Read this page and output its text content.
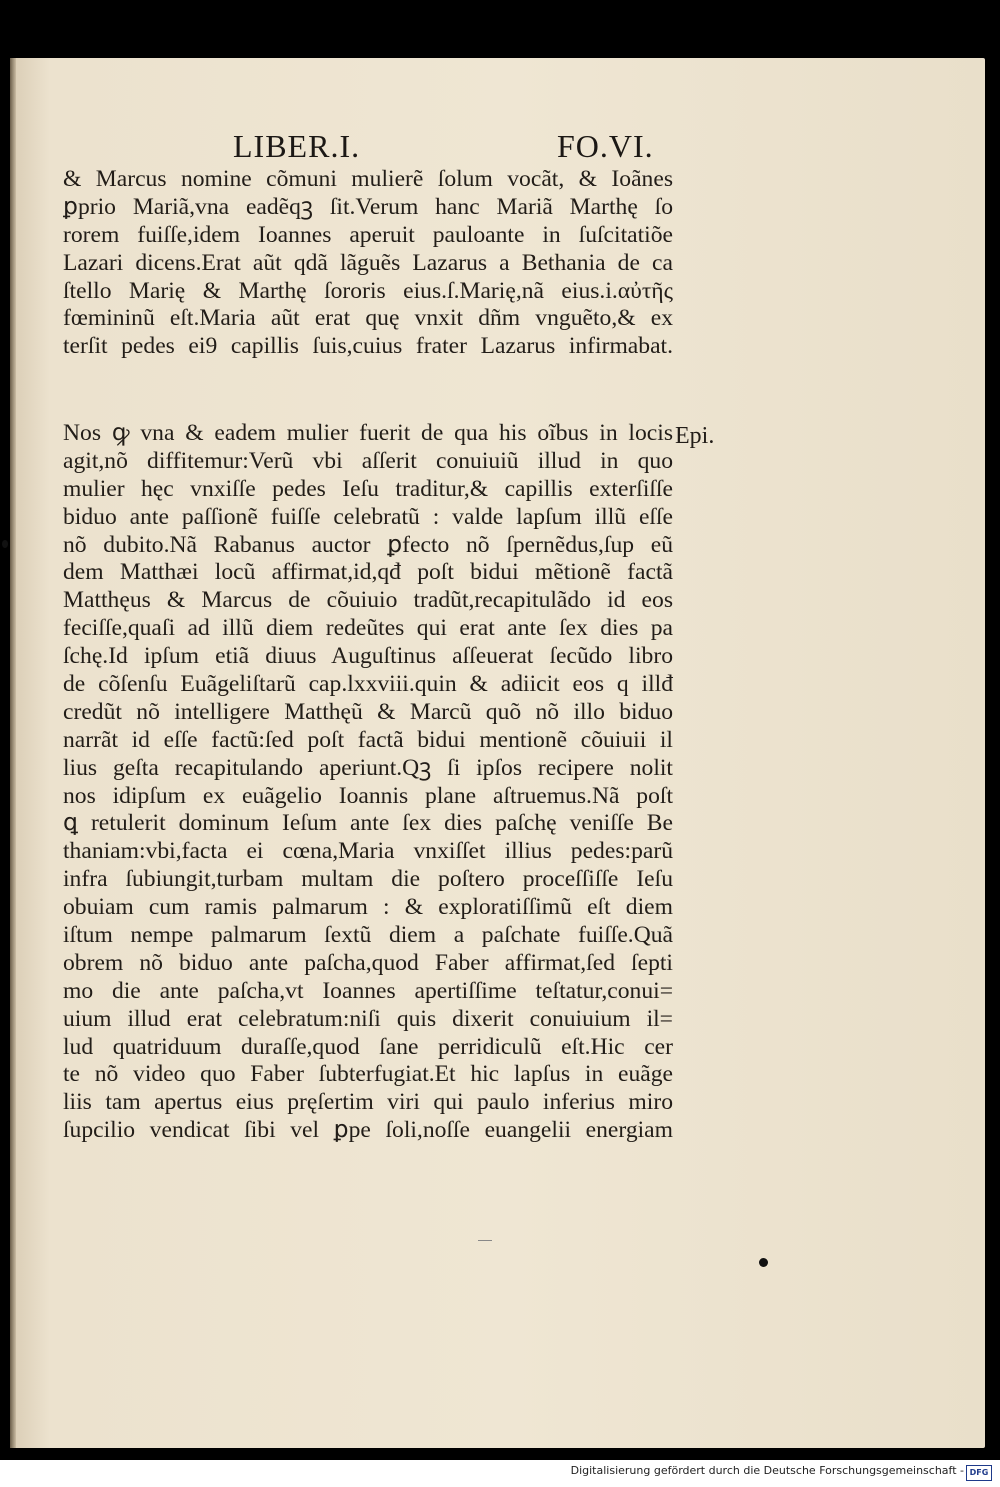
LIBER.I.	FO.VI.
& Marcus nomine cõmuni mulierẽ ſolum vocãt, & Ioãnes
ꝑprio Mariã,vna eadẽqꝫ ſit.Verum hanc Mariã Marthę ſo
rorem fuiſſe,idem Ioannes aperuit pauloante in ſuſcitatiõe
Lazari dicens.Erat aũt qdã lãguẽs Lazarus a Bethania de ca
ſtello Marię & Marthę ſororis eius.ſ.Marię,nã eius.i.αὐτῆς
fœmininũ eſt.Maria aũt erat quę vnxit dñm vnguẽto,& ex
terſit pedes ei9 capillis ſuis,cuius frater Lazarus infirmabat.
Epi.
Nos ꝙ vna & eadem mulier fuerit de qua his oĩbus in locis
agit,nõ diffitemur:Verũ vbi aſſerit conuiuiũ illud in quo
mulier hęc vnxiſſe pedes Ieſu traditur,& capillis exterſiſſe
biduo ante paſſionẽ fuiſſe celebratũ : valde lapſum illũ eſſe
nõ dubito.Nã Rabanus auctor ꝑfecto nõ ſpernẽdus,ſup eũ
dem Matthæi locũ affirmat,id,qđ poſt bidui mẽtionẽ factã
Matthęus & Marcus de cõuiuio tradũt,recapitulãdo id eos
feciſſe,quaſi ad illũ diem redeũtes qui erat ante ſex dies pa
ſchę.Id ipſum etiã diuus Auguſtinus aſſeuerat ſecũdo libro
de cõſenſu Euãgeliſtarũ cap.lxxviii.quin & adiicit eos q illđ
credũt nõ intelligere Matthęũ & Marcũ quõ nõ illo biduo
narrãt id eſſe factũ:ſed poſt factã bidui mentionẽ cõuiuii il
lius geſta recapitulando aperiunt.Qꝫ ſi ipſos recipere nolit
nos idipſum ex euãgelio Ioannis plane aſtruemus.Nã poſt
ꝗ retulerit dominum Ieſum ante ſex dies paſchę veniſſe Be
thaniam:vbi,facta ei cœna,Maria vnxiſſet illius pedes:parũ
infra ſubiungit,turbam multam die poſtero proceſſiſſe Ieſu
obuiam cum ramis palmarum : & exploratiſſimũ eſt diem
iſtum nempe palmarum ſextũ diem a paſchate fuiſſe.Quã
obrem nõ biduo ante paſcha,quod Faber affirmat,ſed ſepti
mo die ante paſcha,vt Ioannes apertiſſime teſtatur,conui=
uium illud erat celebratum:niſi quis dixerit conuiuium il=
lud quatriduum duraſſe,quod ſane perridiculũ eſt.Hic cer
te nõ video quo Faber ſubterfugiat.Et hic lapſus in euãge
liis tam apertus eius pręſertim viri qui paulo inferius miro
ſupcilio vendicat ſibi vel ꝑpe ſoli,noſſe euangelii energiam
Digitalisierung gefördert durch die Deutsche Forschungsgemeinschaft - DFG
